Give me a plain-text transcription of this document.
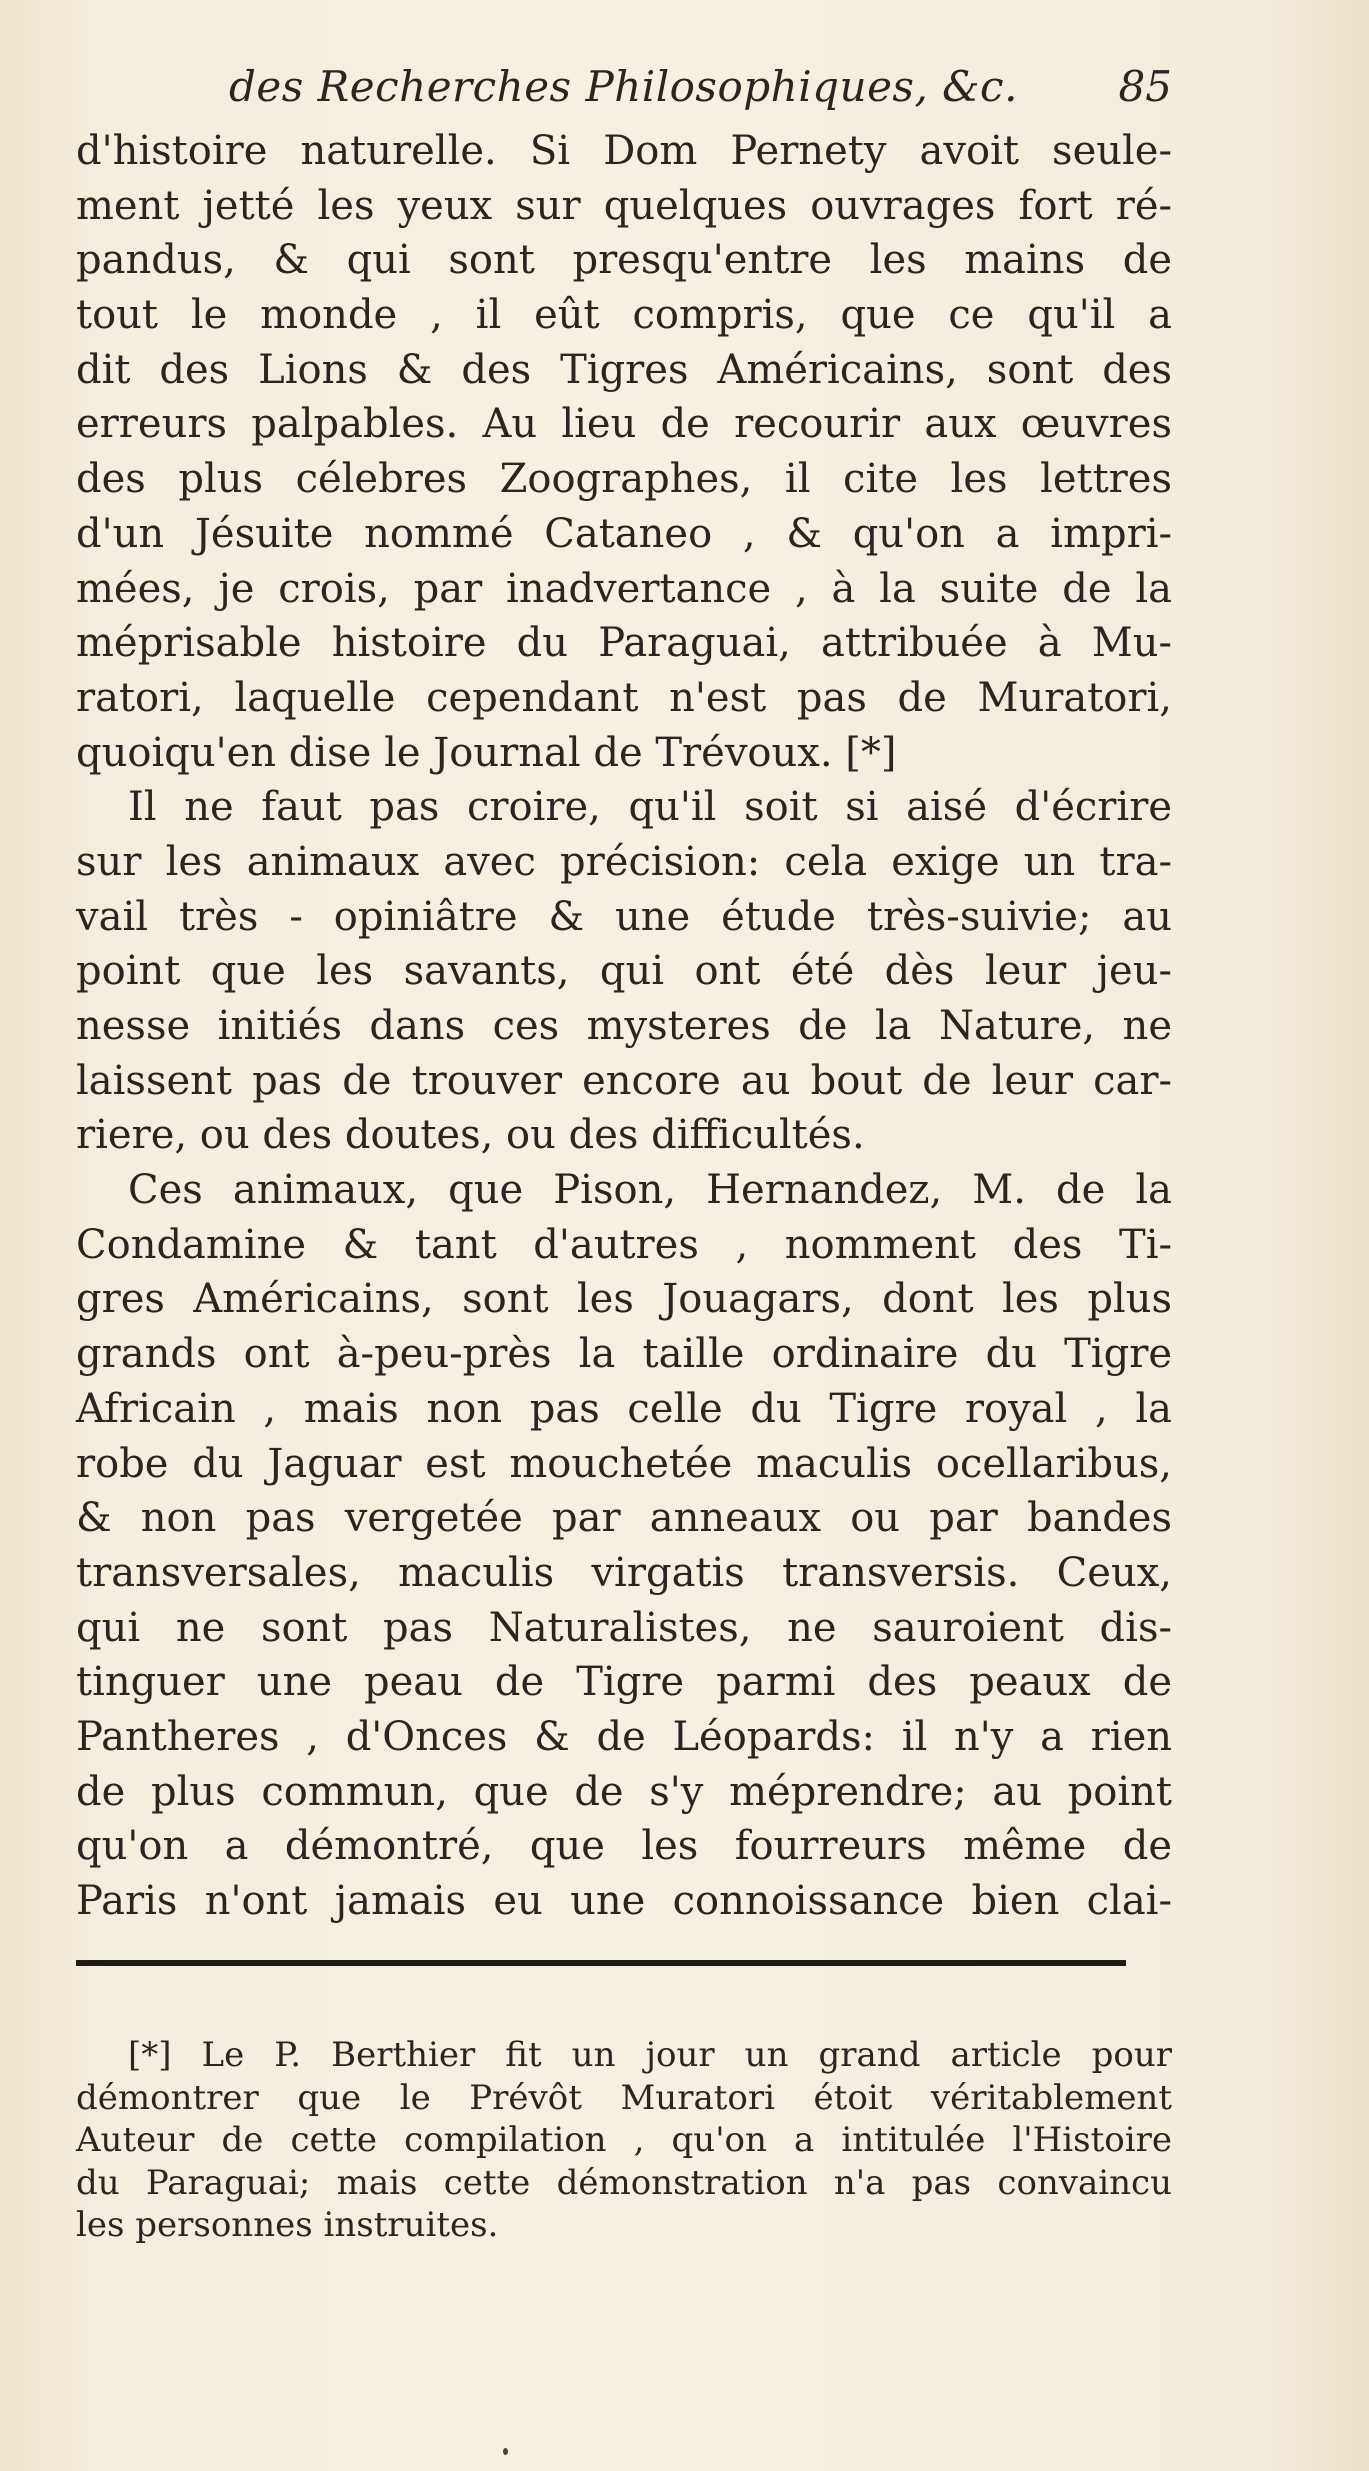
des Recherches Philosophiques, &c. 85
d'histoire naturelle. Si Dom Pernety avoit seule-
ment jetté les yeux sur quelques ouvrages fort ré-
pandus, & qui sont presqu'entre les mains de
tout le monde , il eût compris, que ce qu'il a
dit des Lions & des Tigres Américains, sont des
erreurs palpables. Au lieu de recourir aux œuvres
des plus célebres Zoographes, il cite les lettres
d'un Jésuite nommé Cataneo , & qu'on a impri-
mées, je crois, par inadvertance , à la suite de la
méprisable histoire du Paraguai, attribuée à Mu-
ratori, laquelle cependant n'est pas de Muratori,
quoiqu'en dise le Journal de Trévoux. [*]
Il ne faut pas croire, qu'il soit si aisé d'écrire
sur les animaux avec précision: cela exige un tra-
vail très - opiniâtre & une étude très-suivie; au
point que les savants, qui ont été dès leur jeu-
nesse initiés dans ces mysteres de la Nature, ne
laissent pas de trouver encore au bout de leur car-
riere, ou des doutes, ou des difficultés.
Ces animaux, que Pison, Hernandez, M. de la
Condamine & tant d'autres , nomment des Ti-
gres Américains, sont les Jouagars, dont les plus
grands ont à-peu-près la taille ordinaire du Tigre
Africain , mais non pas celle du Tigre royal , la
robe du Jaguar est mouchetée maculis ocellaribus,
& non pas vergetée par anneaux ou par bandes
transversales, maculis virgatis transversis. Ceux,
qui ne sont pas Naturalistes, ne sauroient dis-
tinguer une peau de Tigre parmi des peaux de
Pantheres , d'Onces & de Léopards: il n'y a rien
de plus commun, que de s'y méprendre; au point
qu'on a démontré, que les fourreurs même de
Paris n'ont jamais eu une connoissance bien clai-
[*] Le P. Berthier fit un jour un grand article pour
démontrer que le Prévôt Muratori étoit véritablement
Auteur de cette compilation , qu'on a intitulée l'Histoire
du Paraguai; mais cette démonstration n'a pas convaincu
les personnes instruites.
